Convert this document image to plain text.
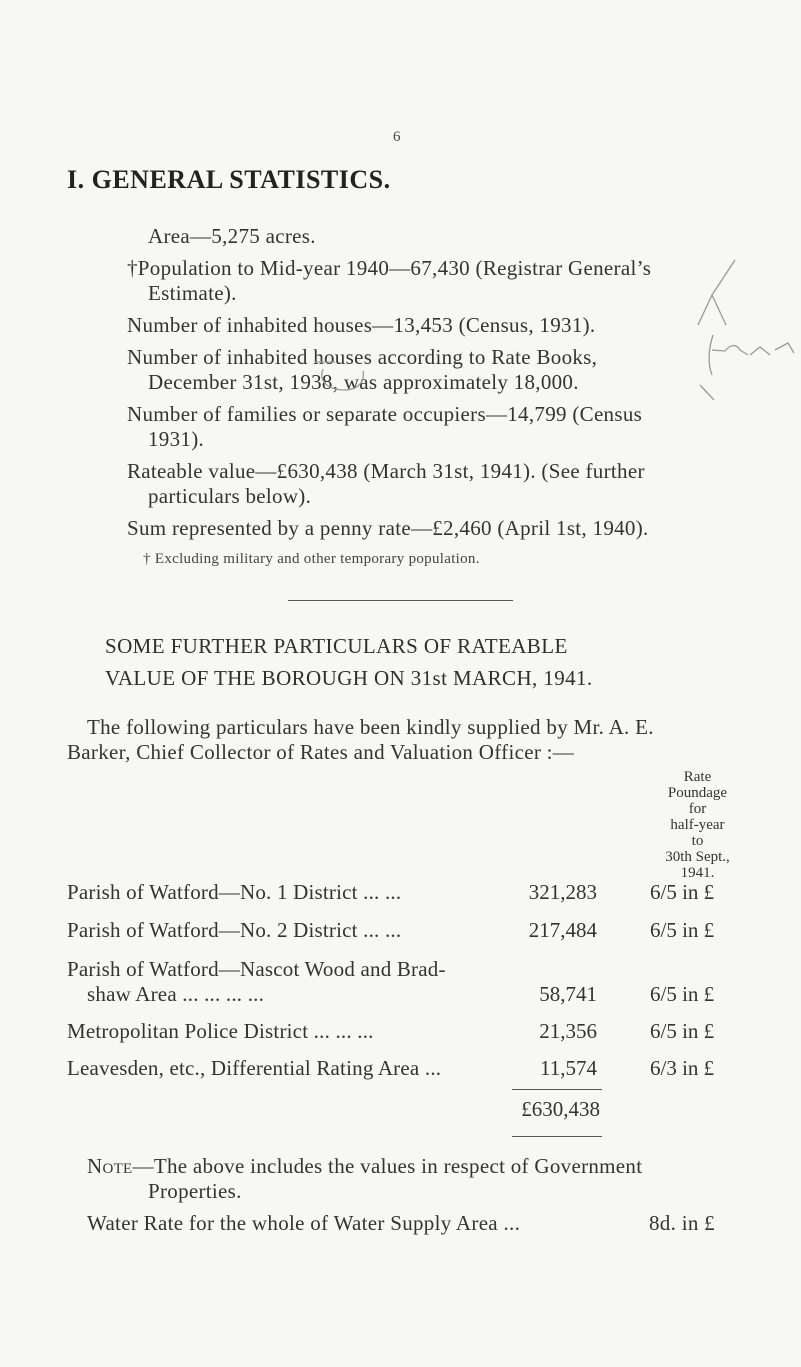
6
I. GENERAL STATISTICS.
Area—5,275 acres.
†Population to Mid-year 1940—67,430 (Registrar General’s
Estimate).
Number of inhabited houses—13,453 (Census, 1931).
Number of inhabited houses according to Rate Books,
December 31st, 1938, was approximately 18,000.
Number of families or separate occupiers—14,799 (Census
1931).
Rateable value—£630,438 (March 31st, 1941). (See further
particulars below).
Sum represented by a penny rate—£2,460 (April 1st, 1940).
† Excluding military and other temporary population.
SOME FURTHER PARTICULARS OF RATEABLE
VALUE OF THE BOROUGH ON 31st MARCH, 1941.
The following particulars have been kindly supplied by Mr. A. E.
Barker, Chief Collector of Rates and Valuation Officer :—
Rate
Poundage
for
half-year
to
30th Sept.,
1941.
Parish of Watford—No. 1 District ... ...	321,283	6/5 in £
Parish of Watford—No. 2 District ... ...	217,484	6/5 in £
Parish of Watford—Nascot Wood and Brad-
shaw Area ... ... ... ...	58,741	6/5 in £
Metropolitan Police District ... ... ...	21,356	6/5 in £
Leavesden, etc., Differential Rating Area ...	11,574	6/3 in £
£630,438
Note—The above includes the values in respect of Government
Properties.
Water Rate for the whole of Water Supply Area ...	8d. in £
